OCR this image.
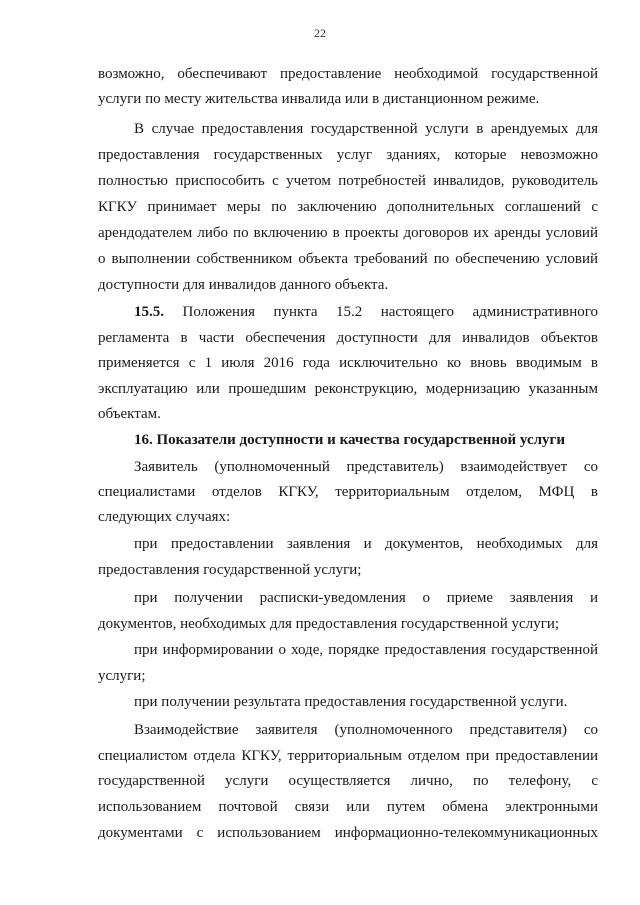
22
возможно, обеспечивают предоставление необходимой государственной
услуги по месту жительства инвалида или в дистанционном режиме.
В случае предоставления государственной услуги в арендуемых для
предоставления государственных услуг зданиях, которые невозможно
полностью приспособить с учетом потребностей инвалидов, руководитель
КГКУ принимает меры по заключению дополнительных соглашений с
арендодателем либо по включению в проекты договоров их аренды условий
о выполнении собственником объекта требований по обеспечению условий
доступности для инвалидов данного объекта.
15.5. Положения пункта 15.2 настоящего административного
регламента в части обеспечения доступности для инвалидов объектов
применяется с 1 июля 2016 года исключительно ко вновь вводимым в
эксплуатацию или прошедшим реконструкцию, модернизацию указанным
объектам.
16. Показатели доступности и качества государственной услуги
Заявитель (уполномоченный представитель) взаимодействует со
специалистами отделов КГКУ, территориальным отделом, МФЦ в
следующих случаях:
при предоставлении заявления и документов, необходимых для
предоставления государственной услуги;
при получении расписки-уведомления о приеме заявления и
документов, необходимых для предоставления государственной услуги;
при информировании о ходе, порядке предоставления государственной
услуги;
при получении результата предоставления государственной услуги.
Взаимодействие заявителя (уполномоченного представителя) со
специалистом отдела КГКУ, территориальным отделом при предоставлении
государственной услуги осуществляется лично, по телефону, с
использованием почтовой связи или путем обмена электронными
документами с использованием информационно-телекоммуникационных
